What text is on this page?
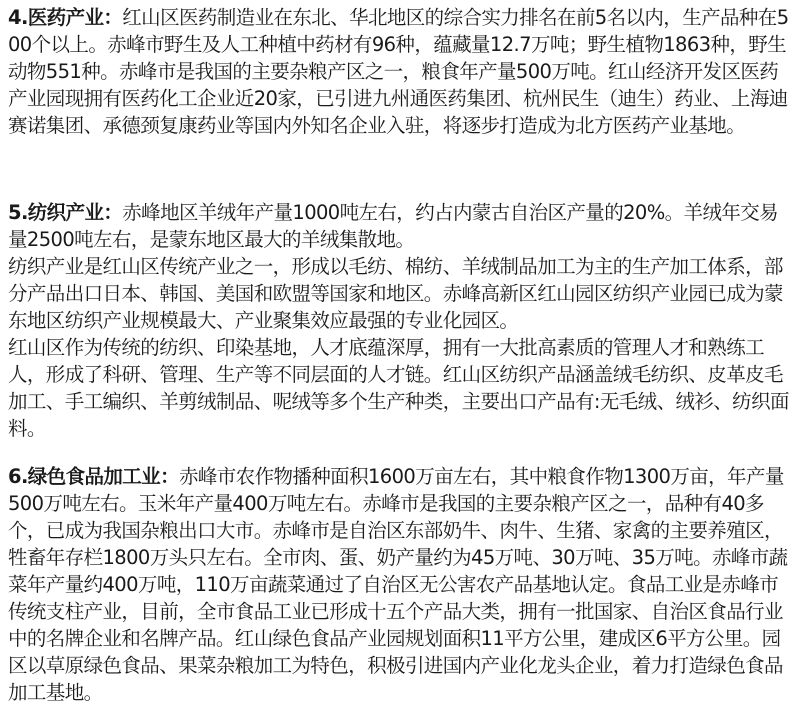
4.医药产业：红山区医药制造业在东北、华北地区的综合实力排名在前5名以内，生产品种在500个以上。赤峰市野生及人工种植中药材有96种，蕴藏量12.7万吨；野生植物1863种，野生动物551种。赤峰市是我国的主要杂粮产区之一，粮食年产量500万吨。红山经济开发区医药产业园现拥有医药化工企业近20家，已引进九州通医药集团、杭州民生（迪生）药业、上海迪赛诺集团、承德颈复康药业等国内外知名企业入驻，将逐步打造成为北方医药产业基地。

5.纺织产业：赤峰地区羊绒年产量1000吨左右，约占内蒙古自治区产量的20%。羊绒年交易量2500吨左右，是蒙东地区最大的羊绒集散地。

纺织产业是红山区传统产业之一，形成以毛纺、棉纺、羊绒制品加工为主的生产加工体系，部分产品出口日本、韩国、美国和欧盟等国家和地区。赤峰高新区红山园区纺织产业园已成为蒙东地区纺织产业规模最大、产业聚集效应最强的专业化园区。

红山区作为传统的纺织、印染基地，人才底蕴深厚，拥有一大批高素质的管理人才和熟练工人，形成了科研、管理、生产等不同层面的人才链。红山区纺织产品涵盖绒毛纺织、皮革皮毛加工、手工编织、羊剪绒制品、呢绒等多个生产种类，主要出口产品有:无毛绒、绒衫、纺织面料。

6.绿色食品加工业：赤峰市农作物播种面积1600万亩左右，其中粮食作物1300万亩，年产量500万吨左右。玉米年产量400万吨左右。赤峰市是我国的主要杂粮产区之一，品种有40多个，已成为我国杂粮出口大市。赤峰市是自治区东部奶牛、肉牛、生猪、家禽的主要养殖区，牲畜年存栏1800万头只左右。全市肉、蛋、奶产量约为45万吨、30万吨、35万吨。赤峰市蔬菜年产量约400万吨，110万亩蔬菜通过了自治区无公害农产品基地认定。食品工业是赤峰市传统支柱产业，目前，全市食品工业已形成十五个产品大类，拥有一批国家、自治区食品行业中的名牌企业和名牌产品。红山绿色食品产业园规划面积11平方公里，建成区6平方公里。园区以草原绿色食品、果菜杂粮加工为特色，积极引进国内产业化龙头企业，着力打造绿色食品加工基地。
